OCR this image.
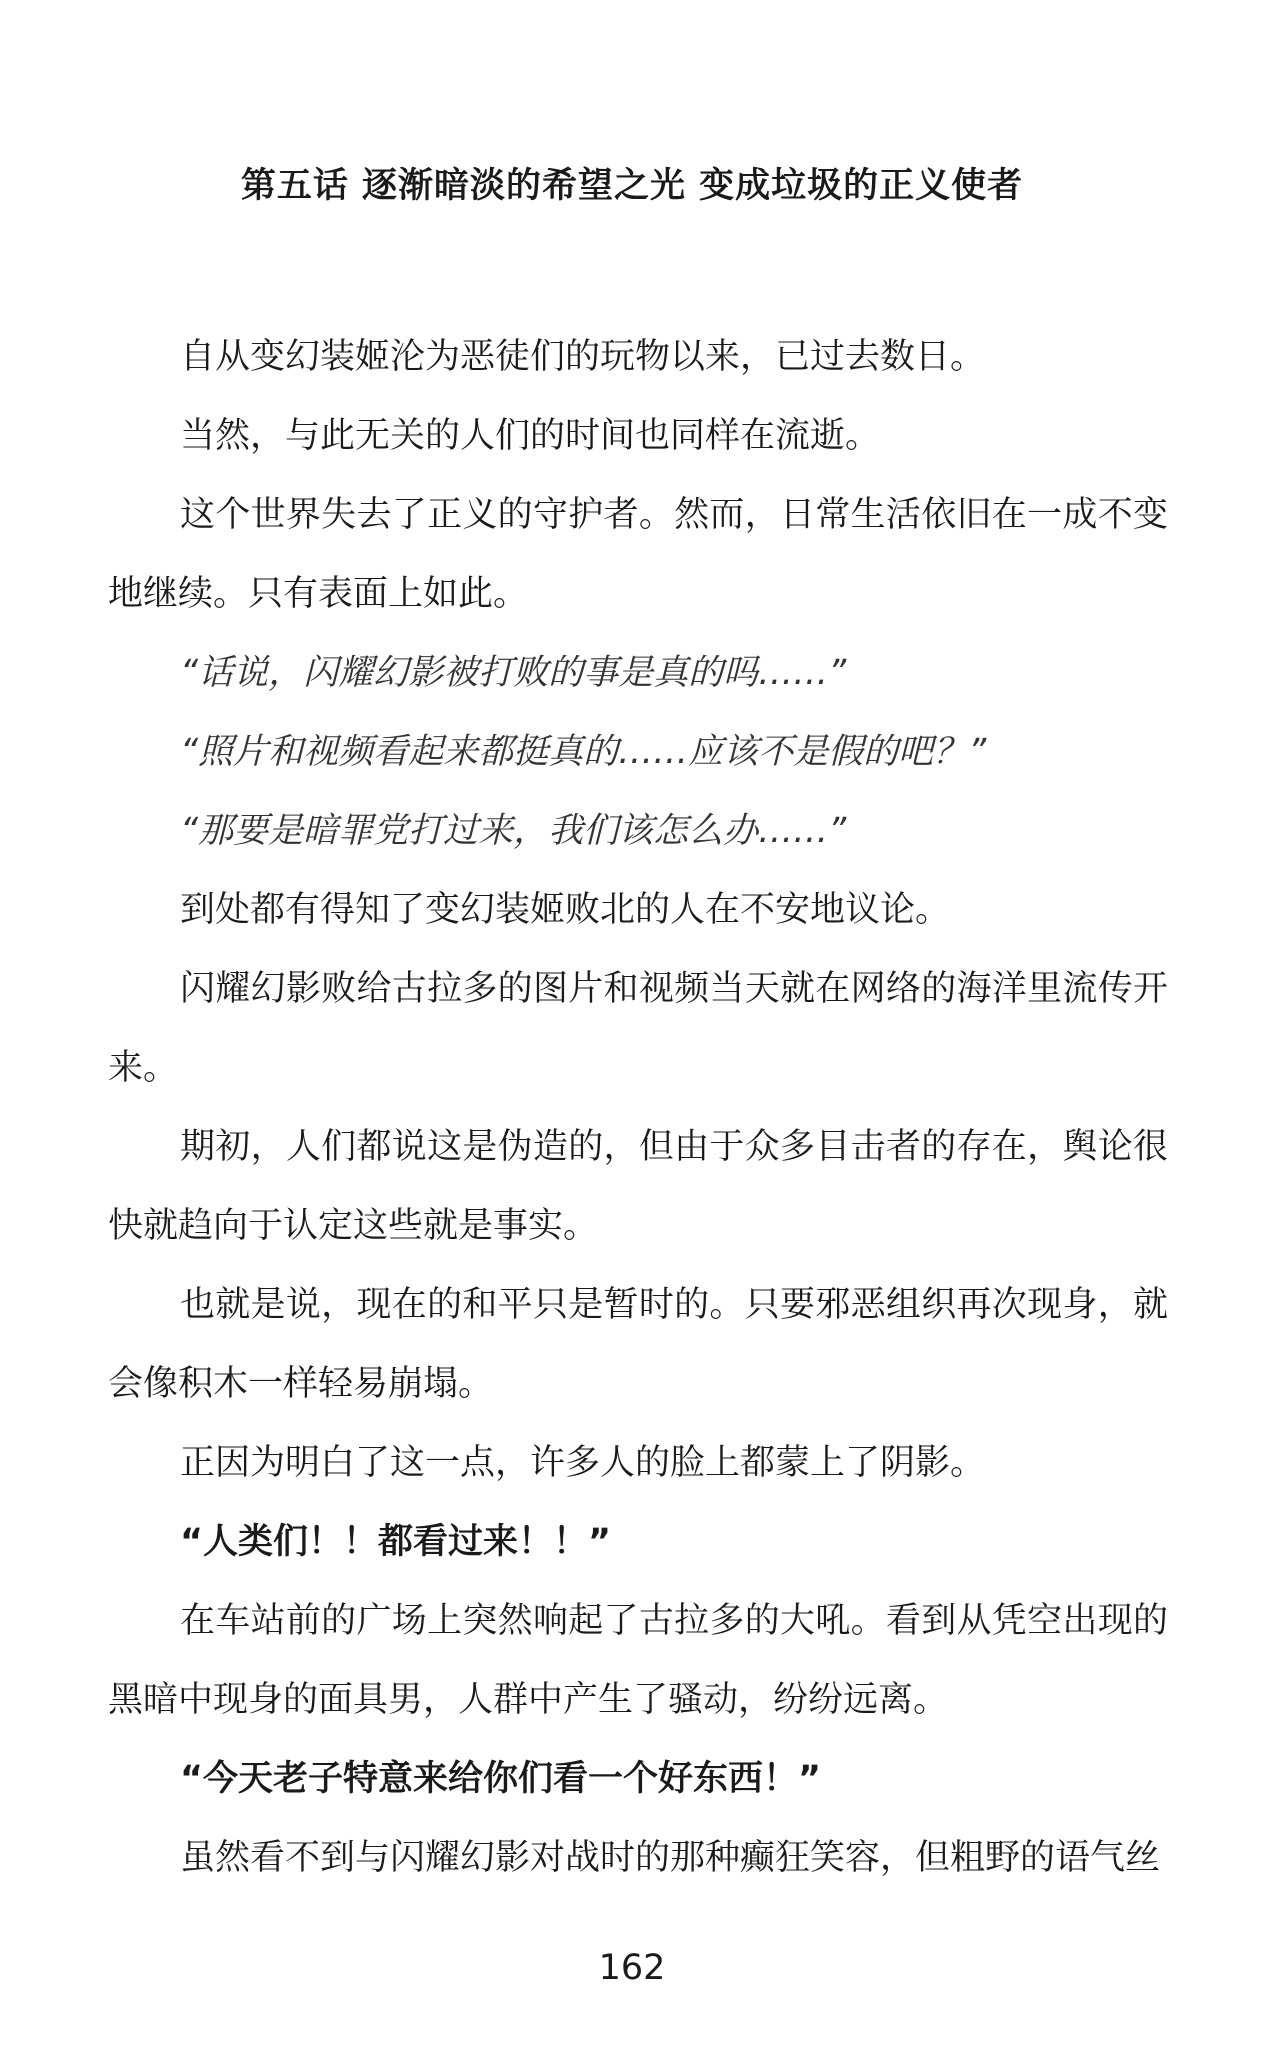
第五话 逐渐暗淡的希望之光 变成垃圾的正义使者

自从变幻装姬沦为恶徒们的玩物以来，已过去数日。

当然，与此无关的人们的时间也同样在流逝。

这个世界失去了正义的守护者。然而，日常生活依旧在一成不变地继续。只有表面上如此。

“话说，闪耀幻影被打败的事是真的吗……”

“照片和视频看起来都挺真的……应该不是假的吧？”

“那要是暗罪党打过来，我们该怎么办……”

到处都有得知了变幻装姬败北的人在不安地议论。

闪耀幻影败给古拉多的图片和视频当天就在网络的海洋里流传开来。

期初，人们都说这是伪造的，但由于众多目击者的存在，舆论很快就趋向于认定这些就是事实。

也就是说，现在的和平只是暂时的。只要邪恶组织再次现身，就会像积木一样轻易崩塌。

正因为明白了这一点，许多人的脸上都蒙上了阴影。

“人类们！！都看过来！！”

在车站前的广场上突然响起了古拉多的大吼。看到从凭空出现的黑暗中现身的面具男，人群中产生了骚动，纷纷远离。

“今天老子特意来给你们看一个好东西！”

虽然看不到与闪耀幻影对战时的那种癫狂笑容，但粗野的语气丝

162
